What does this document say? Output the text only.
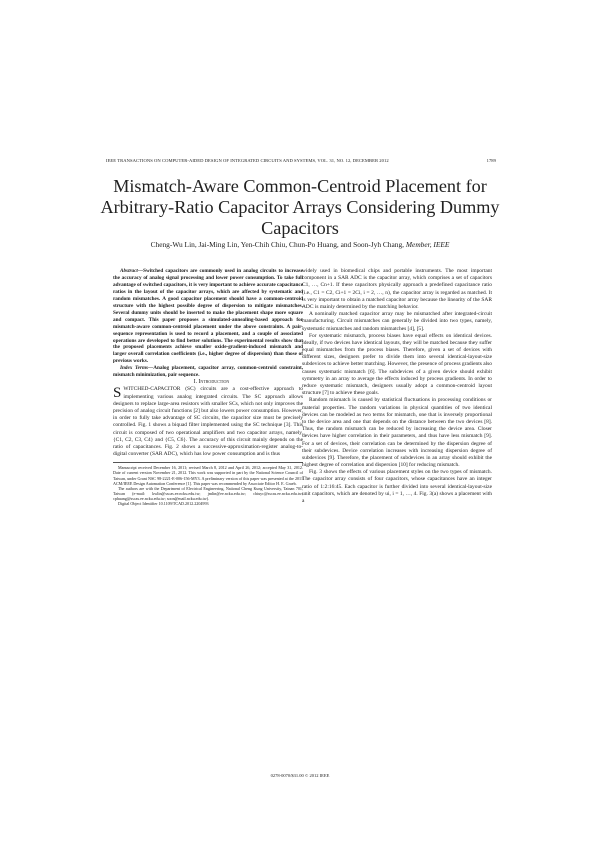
IEEE TRANSACTIONS ON COMPUTER-AIDED DESIGN OF INTEGRATED CIRCUITS AND SYSTEMS, VOL. 31, NO. 12, DECEMBER 2012	1789
Mismatch-Aware Common-Centroid Placement for Arbitrary-Ratio Capacitor Arrays Considering Dummy Capacitors
Cheng-Wu Lin, Jai-Ming Lin, Yen-Chih Chiu, Chun-Po Huang, and Soon-Jyh Chang, Member, IEEE

Abstract—Switched capacitors are commonly used in analog circuits to increase the accuracy of analog signal processing and lower power consumption. To take full advantage of switched capacitors, it is very important to achieve accurate capacitance ratios in the layout of the capacitor arrays, which are affected by systematic and random mismatches. A good capacitor placement should have a common-centroid structure with the highest possible degree of dispersion to mitigate mismatches. Several dummy units should be inserted to make the placement shape more square and compact. This paper proposes a simulated-annealing-based approach for mismatch-aware common-centroid placement under the above constraints. A pair-sequence representation is used to record a placement, and a couple of associated operations are developed to find better solutions. The experimental results show that the proposed placements achieve smaller oxide-gradient-induced mismatch and larger overall correlation coefficients (i.e., higher degree of dispersion) than those of previous works.

Index Terms—Analog placement, capacitor array, common-centroid constraint, mismatch minimization, pair sequence.

I. Introduction

SWITCHED-CAPACITOR (SC) circuits are a cost-effective approach to implementing various analog integrated circuits. The SC approach allows designers to replace large-area resistors with smaller SCs, which not only improves the precision of analog circuit functions [2] but also lowers power consumption. However, in order to fully take advantage of SC circuits, the capacitor size must be precisely controlled. Fig. 1 shows a biquad filter implemented using the SC technique [3]. This circuit is composed of two operational amplifiers and two capacitor arrays, namely, {C1, C2, C3, C4} and {C5, C6}. The accuracy of this circuit mainly depends on the ratio of capacitances. Fig. 2 shows a successive-approximation-register analog-to-digital converter (SAR ADC), which has low power consumption and is thus

Manuscript received December 16, 2011; revised March 8, 2012 and April 26, 2012; accepted May 31, 2012. Date of current version November 21, 2012. This work was supported in part by the National Science Council of Taiwan, under Grant NSC 98-2221-E-006-156-MY3. A preliminary version of this paper was presented at the 2011 ACM/IEEE Design Automation Conference [1]. This paper was recommended by Associate Editor H. E. Graeb.

The authors are with the Department of Electrical Engineering, National Cheng Kung University, Tainan 701, Taiwan (e-mail: kwlin@sscas.ee.ncku.edu.tw; jmlin@ee.ncku.edu.tw; chiuyc@sscas.ee.ncku.edu.tw; cphuang@sscas.ee.ncku.edu.tw; soon@mail.ncku.edu.tw).

Digital Object Identifier 10.1109/TCAD.2012.2204993

widely used in biomedical chips and portable instruments. The most important component in a SAR ADC is the capacitor array, which comprises a set of capacitors C1, …, Cn+1. If these capacitors physically approach a predefined capacitance ratio (i.e., C1 = C2, Ci+1 = 2Ci, i = 2, …, n), the capacitor array is regarded as matched. It is very important to obtain a matched capacitor array because the linearity of the SAR ADC is mainly determined by the matching behavior.

A nominally matched capacitor array may be mismatched after integrated-circuit manufacturing. Circuit mismatches can generally be divided into two types, namely, systematic mismatches and random mismatches [4], [5].

For systematic mismatch, process biases have equal effects on identical devices. Ideally, if two devices have identical layouts, they will be matched because they suffer equal mismatches from the process biases. Therefore, given a set of devices with different sizes, designers prefer to divide them into several identical-layout-size subdevices to achieve better matching. However, the presence of process gradients also causes systematic mismatch [6]. The subdevices of a given device should exhibit symmetry in an array to average the effects induced by process gradients. In order to reduce systematic mismatch, designers usually adopt a common-centroid layout structure [7] to achieve these goals.

Random mismatch is caused by statistical fluctuations in processing conditions or material properties. The random variations in physical quantities of two identical devices can be modeled as two terms for mismatch, one that is inversely proportional to the device area and one that depends on the distance between the two devices [8]. Thus, the random mismatch can be reduced by increasing the device area. Closer devices have higher correlation in their parameters, and thus have less mismatch [9]. For a set of devices, their correlation can be determined by the dispersion degree of their subdevices. Device correlation increases with increasing dispersion degree of subdevices [9]. Therefore, the placement of subdevices in an array should exhibit the highest degree of correlation and dispersion [10] for reducing mismatch.

Fig. 3 shows the effects of various placement styles on the two types of mismatch. The capacitor array consists of four capacitors, whose capacitances have an integer ratio of 1:2:16:45. Each capacitor is further divided into several identical-layout-size unit capacitors, which are denoted by ui, i = 1, …, 4. Fig. 3(a) shows a placement with a

0278-0070/$31.00 © 2012 IEEE
